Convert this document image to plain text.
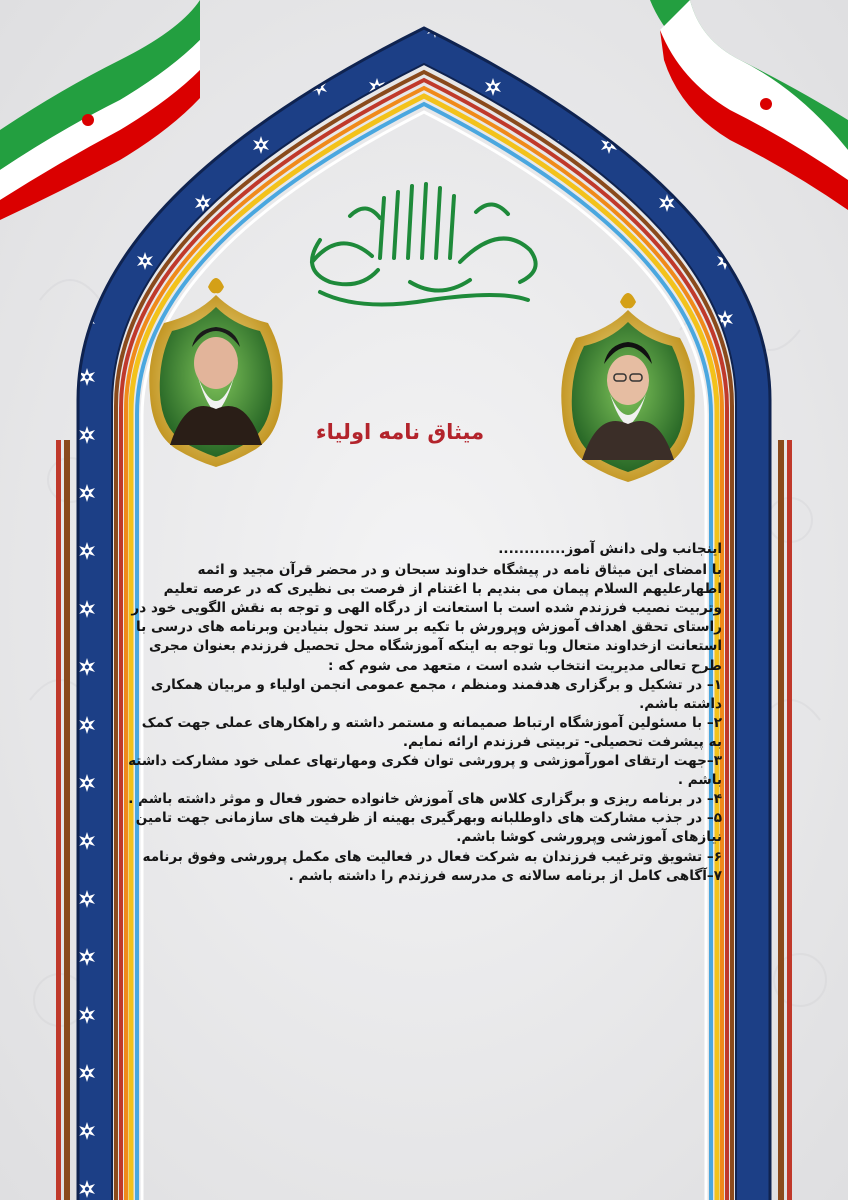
میثاق نامه اولیاء

اینجانب ولی دانش آموز.............

با امضای این میثاق نامه در پیشگاه خداوند سبحان و در محضر قرآن مجید و ائمه اطهارعلیهم السلام پیمان می بندیم با اغتنام از فرصت بی نظیری که در عرصه تعلیم وتربیت نصیب فرزندم شده است با استعانت از درگاه الهی و توجه به نقش الگویی خود در راستای تحقق اهداف آموزش وپرورش با تکیه بر سند تحول بنیادین وبرنامه های درسی با استعانت ازخداوند متعال وبا توجه به اینکه آموزشگاه محل تحصیل فرزندم بعنوان مجری طرح تعالی مدیریت انتخاب شده است ، متعهد می شوم که :

۱– در تشکیل و برگزاری هدفمند ومنظم ، مجمع عمومی انجمن اولیاء و مربیان همکاری داشته باشم.

۲– با مسئولین آموزشگاه ارتباط صمیمانه و مستمر داشته و راهکارهای عملی جهت کمک به پیشرفت تحصیلی- تربیتی فرزندم ارائه نمایم.

۳–جهت ارتقای امورآموزشی و پرورشی توان فکری ومهارتهای عملی خود مشارکت داشته باشم .

۴– در برنامه ریزی و برگزاری کلاس های آموزش خانواده حضور فعال و موثر داشته باشم .

۵– در جذب مشارکت های داوطلبانه وبهرگیری بهینه از ظرفیت های سازمانی جهت تامین نیازهای آموزشی وپرورشی کوشا باشم.

۶– تشویق وترغیب فرزندان به شرکت فعال در فعالیت های مکمل پرورشی وفوق برنامه

۷–آگاهی کامل از برنامه سالانه ی مدرسه فرزندم را داشته باشم .
